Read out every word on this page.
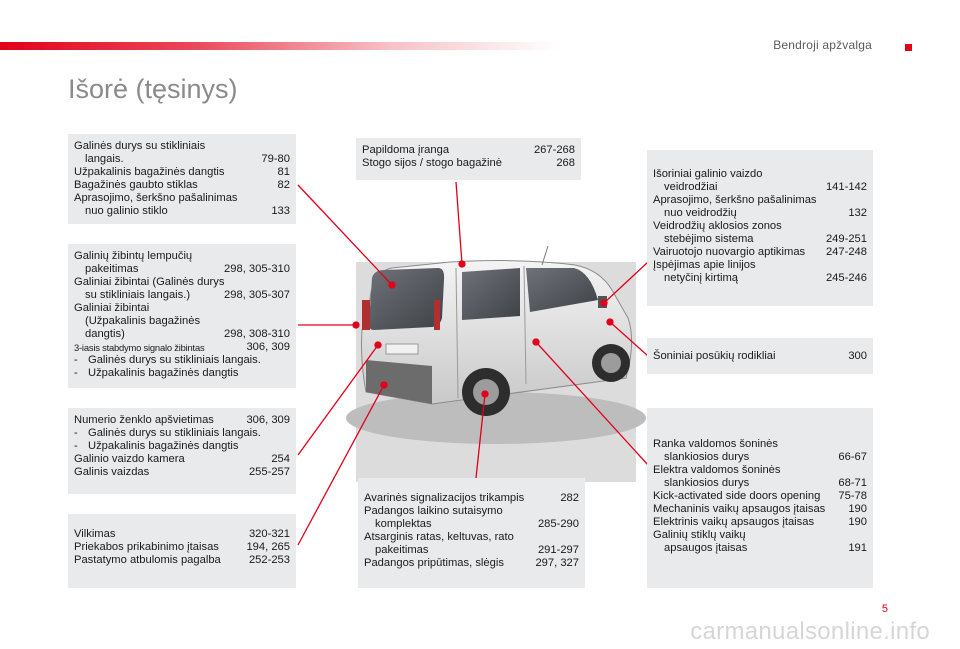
Bendroji apžvalga
Išorė (tęsinys)
Galinės durys su stikliniais
langais.	79-80
Užpakalinis bagažinės dangtis	81
Bagažinės gaubto stiklas	82
Aprasojimo, šerkšno pašalinimas
nuo galinio stiklo	133
Galinių žibintų lempučių
pakeitimas	298, 305-310
Galiniai žibintai (Galinės durys
su stikliniais langais.)	298, 305-307
Galiniai žibintai
(Užpakalinis bagažinės
dangtis)	298, 308-310
3-iasis stabdymo signalo žibintas	306, 309
- Galinės durys su stikliniais langais.
- Užpakalinis bagažinės dangtis
Numerio ženklo apšvietimas	306, 309
- Galinės durys su stikliniais langais.
- Užpakalinis bagažinės dangtis
Galinio vaizdo kamera	254
Galinis vaizdas	255-257
Vilkimas	320-321
Priekabos prikabinimo įtaisas	194, 265
Pastatymo atbulomis pagalba	252-253
Papildoma įranga	267-268
Stogo sijos / stogo bagažinė	268
Avarinės signalizacijos trikampis	282
Padangos laikino sutaisymo
komplektas	285-290
Atsarginis ratas, keltuvas, rato
pakeitimas	291-297
Padangos pripūtimas, slėgis	297, 327
Išoriniai galinio vaizdo
veidrodžiai	141-142
Aprasojimo, šerkšno pašalinimas
nuo veidrodžių	132
Veidrodžių aklosios zonos
stebėjimo sistema	249-251
Vairuotojo nuovargio aptikimas	247-248
Įspėjimas apie linijos
netyčinį kirtimą	245-246
Šoniniai posūkių rodikliai	300
Ranka valdomos šoninės
slankiosios durys	66-67
Elektra valdomos šoninės
slankiosios durys	68-71
Kick-activated side doors opening	75-78
Mechaninis vaikų apsaugos įtaisas	190
Elektrinis vaikų apsaugos įtaisas	190
Galinių stiklų vaikų
apsaugos įtaisas	191
5
carmanualsonline.info
